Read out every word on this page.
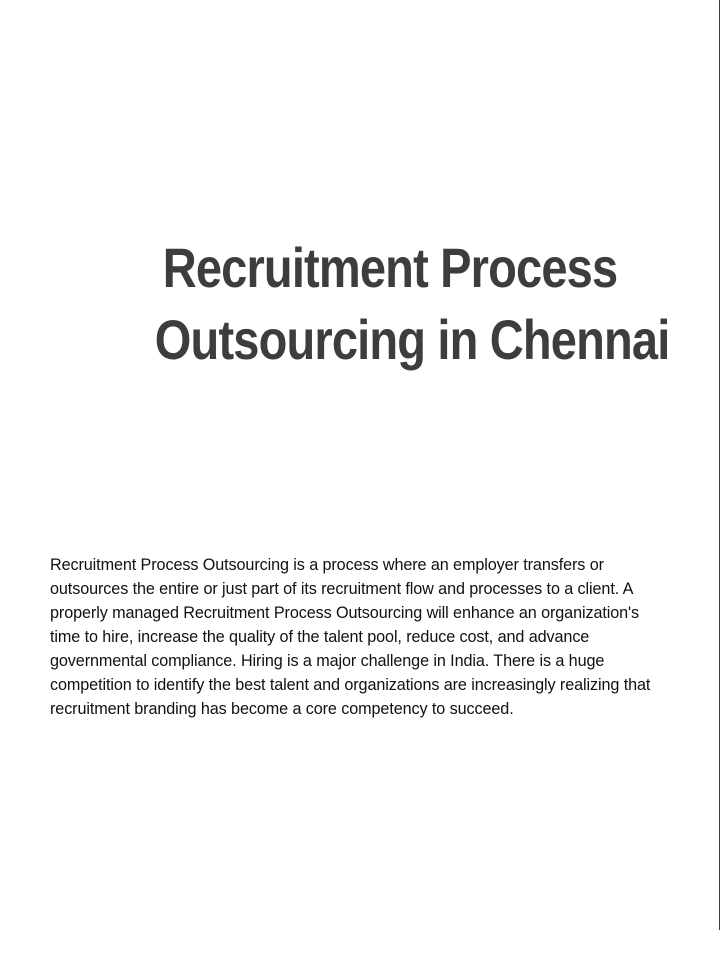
Recruitment Process
Outsourcing in Chennai

Recruitment Process Outsourcing is a process where an employer transfers or outsources the entire or just part of its recruitment flow and processes to a client. A properly managed Recruitment Process Outsourcing will enhance an organization's time to hire, increase the quality of the talent pool, reduce cost, and advance governmental compliance. Hiring is a major challenge in India. There is a huge competition to identify the best talent and organizations are increasingly realizing that recruitment branding has become a core competency to succeed.
